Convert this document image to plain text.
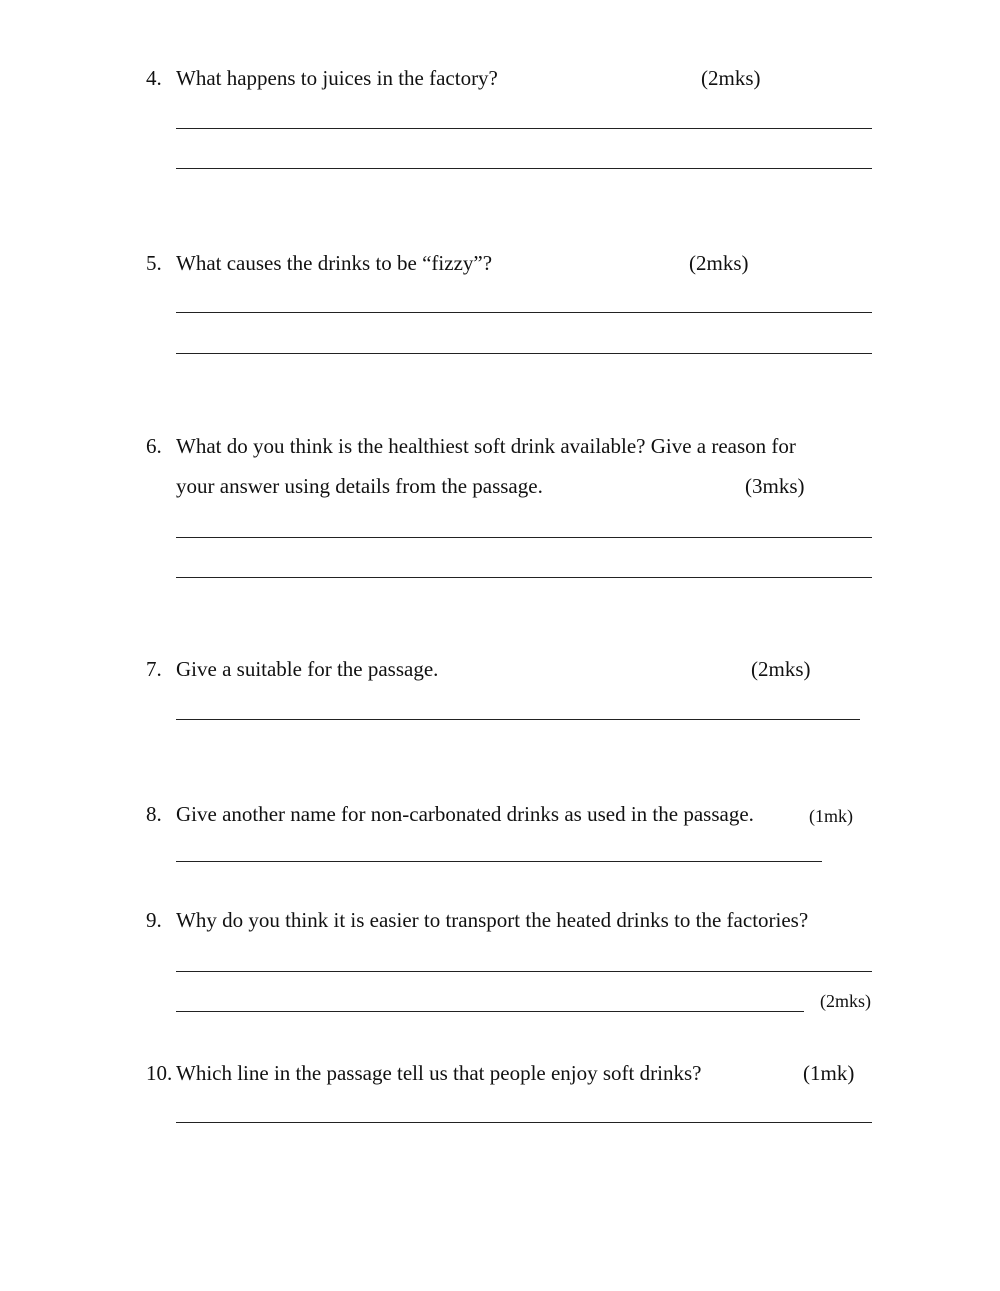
4. What happens to juices in the factory?	(2mks)
5. What causes the drinks to be “fizzy”?	(2mks)
6. What do you think is the healthiest soft drink available? Give a reason for
your answer using details from the passage.	(3mks)
7. Give a suitable for the passage.	(2mks)
8. Give another name for non-carbonated drinks as used in the passage.	(1mk)
9. Why do you think it is easier to transport the heated drinks to the factories?
(2mks)
10. Which line in the passage tell us that people enjoy soft drinks?	(1mk)
